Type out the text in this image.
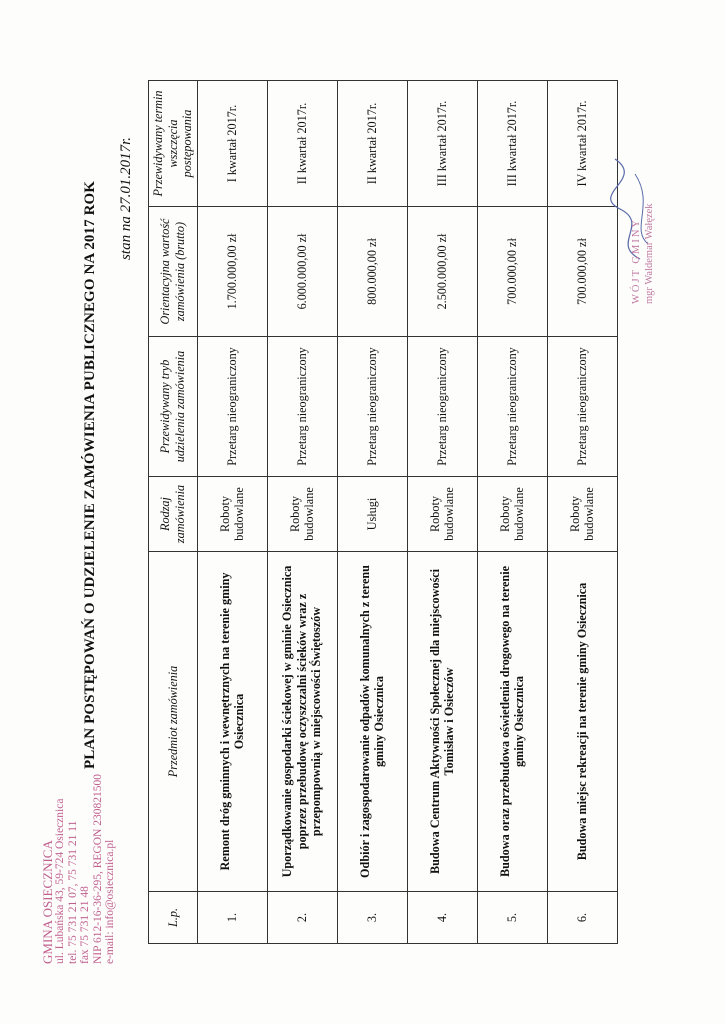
GMINA OSIECZNICA ul. Lubańska 43, 59-724 Osiecznica tel. 75 731 21 07, 75 731 21 11 fax 75 731 21 48 NIP 612-16-36-295, REGON 230821500 e-mail: info@osiecznica.pl
PLAN POSTĘPOWAŃ O UDZIELENIE ZAMÓWIENIA PUBLICZNEGO NA 2017 ROK stan na 27.01.2017r.
L.p.	Przedmiot zamówienia	Rodzaj zamówienia	Przewidywany tryb udzielenia zamówienia	Orientacyjna wartość zamówienia (brutto)	Przewidywany termin wszczęcia postępowania
1.	Remont dróg gminnych i wewnętrznych na terenie gminy Osiecznica	Roboty budowlane	Przetarg nieograniczony	1.700.000,00 zł	I kwartał 2017r.
2.	Uporządkowanie gospodarki ściekowej w gminie Osiecznica poprzez przebudowę oczyszczalni ścieków wraz z przepompownią w miejscowości Świętoszów	Roboty budowlane	Przetarg nieograniczony	6.000.000,00 zł	II kwartał 2017r.
3.	Odbiór i zagospodarowanie odpadów komunalnych z terenu gminy Osiecznica	Usługi	Przetarg nieograniczony	800.000,00 zł	II kwartał 2017r.
4.	Budowa Centrum Aktywności Społecznej dla miejscowości Tomisław i Osieczów	Roboty budowlane	Przetarg nieograniczony	2.500.000,00 zł	III kwartał 2017r.
5.	Budowa oraz przebudowa oświetlenia drogowego na terenie gminy Osiecznica	Roboty budowlane	Przetarg nieograniczony	700.000,00 zł	III kwartał 2017r.
6.	Budowa miejsc rekreacji na terenie gminy Osiecznica	Roboty budowlane	Przetarg nieograniczony	700.000,00 zł	IV kwartał 2017r.
WÓJT GMINY mgr Waldemar Wałęzek
